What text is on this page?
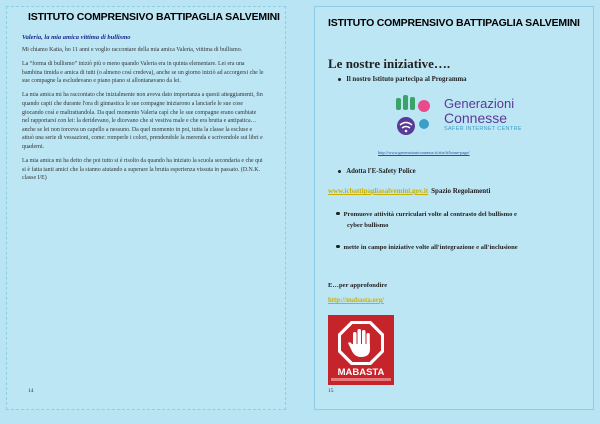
ISTITUTO COMPRENSIVO BATTIPAGLIA SALVEMINI
Valeria, la mia amica vittima di bullismo

Mi chiamo Katia, ho 11 anni e voglio raccontare della mia amica Valeria, vittima di bullismo.

La “forma di bullismo” iniziò più o meno quando Valeria era in quinta elementare. Lei era una bambina timida e amica di tutti (o almeno così credeva), anche se un giorno iniziò ad accorgersi che le sue compagne la escludevano e piano piano si allontanavano da lei.

La mia amica mi ha raccontato che inizialmente non aveva dato importanza a questi atteggiamenti, fin quando capii che durante l'ora di ginnastica le sue compagne iniziarono a lanciarle le sue cose giocando così e maltrattandola. Da quel momento Valeria capì che le sue compagne erano cambiate nel rapportarsi con lei: la deridevano, le dicevano che si vestiva male e che era brutta e antipatica… anche se lei non torceva un capello a nessuno. Da quel momento in poi, tutta la classe la escluse e attuò una serie di vessazioni, come: romperle i colori, prendendole la merenda e scrivendole sui libri e quaderni.

La mia amica mi ha detto che poi tutto si è risolto da quando ha iniziato la scuola secondaria e che qui si è fatta tanti amici che la stanno aiutando a superare la brutta esperienza vissuta in passato. (D.N.K. classe I/E)

14
ISTITUTO COMPRENSIVO BATTIPAGLIA SALVEMINI
Le nostre iniziative….
Il nostro Istituto partecipa al Programma
Generazioni
Connesse
SAFER INTERNET CENTRE
http://www.generazioniconnesse.it/site/it/home-page/
Adotta l'E-Safety Police
www.icbattipagliasalvemini.gov.it Spazio Regolamenti
Promuove attività curriculari volte al contrasto del bullismo e
cyber bullismo
mette in campo iniziative volte all'integrazione e all'inclusione
E…per approfondire
http://mabasta.org/
MABASTA
15
